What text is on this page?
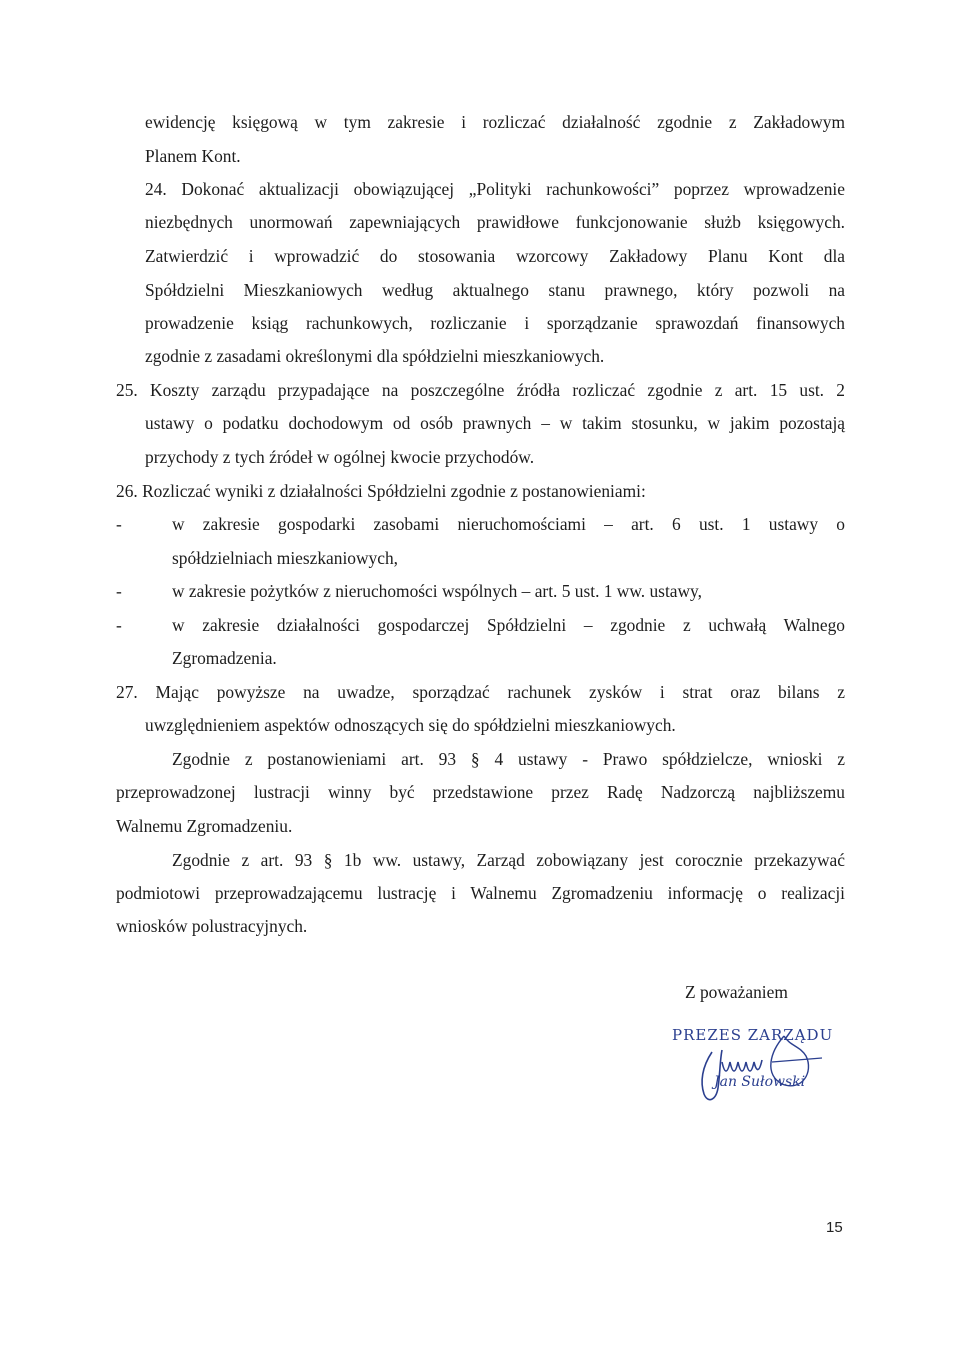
ewidencję księgową w tym zakresie i rozliczać działalność zgodnie z Zakładowym
Planem Kont.
24. Dokonać aktualizacji obowiązującej „Polityki rachunkowości” poprzez wprowadzenie
niezbędnych unormowań zapewniających prawidłowe funkcjonowanie służb księgowych.
Zatwierdzić i wprowadzić do stosowania wzorcowy Zakładowy Planu Kont dla
Spółdzielni Mieszkaniowych według aktualnego stanu prawnego, który pozwoli na
prowadzenie ksiąg rachunkowych, rozliczanie i sporządzanie sprawozdań finansowych
zgodnie z zasadami określonymi dla spółdzielni mieszkaniowych.
25. Koszty zarządu przypadające na poszczególne źródła rozliczać zgodnie z art. 15 ust. 2
ustawy o podatku dochodowym od osób prawnych – w takim stosunku, w jakim pozostają
przychody z tych źródeł w ogólnej kwocie przychodów.
26. Rozliczać wyniki z działalności Spółdzielni zgodnie z postanowieniami:
-	w zakresie gospodarki zasobami nieruchomościami – art. 6 ust. 1 ustawy o
spółdzielniach mieszkaniowych,
-	w zakresie pożytków z nieruchomości wspólnych – art. 5 ust. 1 ww. ustawy,
-	w zakresie działalności gospodarczej Spółdzielni – zgodnie z uchwałą Walnego
Zgromadzenia.
27. Mając powyższe na uwadze, sporządzać rachunek zysków i strat oraz bilans z
uwzględnieniem aspektów odnoszących się do spółdzielni mieszkaniowych.
Zgodnie z postanowieniami art. 93 § 4 ustawy - Prawo spółdzielcze, wnioski z
przeprowadzonej lustracji winny być przedstawione przez Radę Nadzorczą najbliższemu
Walnemu Zgromadzeniu.
Zgodnie z art. 93 § 1b ww. ustawy, Zarząd zobowiązany jest corocznie przekazywać
podmiotowi przeprowadzającemu lustrację i Walnemu Zgromadzeniu informację o realizacji
wniosków polustracyjnych.
Z poważaniem
PREZES ZARZĄDU
Jan Sułowski
15
